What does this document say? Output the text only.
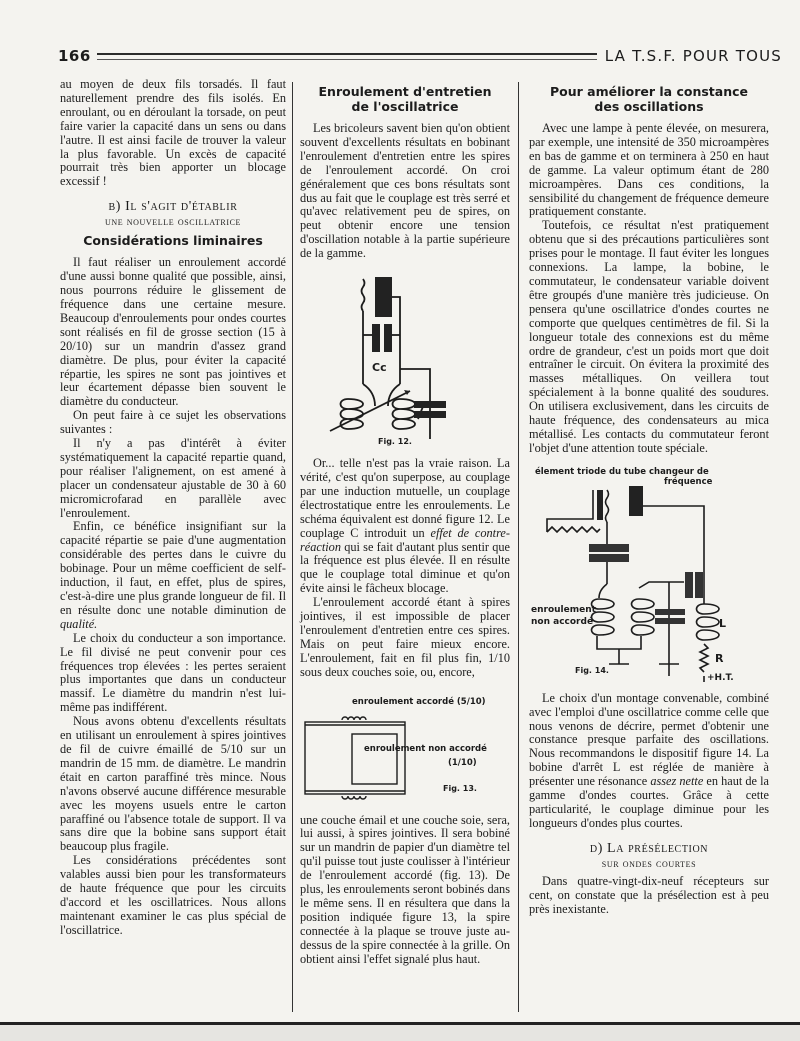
166	LA T.S.F. POUR TOUS

au moyen de deux fils torsadés. Il faut naturellement prendre des fils isolés. En enroulant, ou en déroulant la torsade, on peut faire varier la capacité dans un sens ou dans l'autre. Il est ainsi facile de trouver la valeur la plus favorable. Un excès de capacité pourrait très bien apporter un blocage excessif !

b) Il s'agit d'établir
une nouvelle oscillatrice
Considérations liminaires

Il faut réaliser un enroulement accordé d'une aussi bonne qualité que possible, ainsi, nous pourrons réduire le glissement de fréquence dans une certaine mesure. Beaucoup d'enroulements pour ondes courtes sont réalisés en fil de grosse section (15 à 20/10) sur un mandrin d'assez grand diamètre. De plus, pour éviter la capacité répartie, les spires ne sont pas jointives et leur écartement dépasse bien souvent le diamètre du conducteur.

On peut faire à ce sujet les observations suivantes :

Il n'y a pas d'intérêt à éviter systématiquement la capacité repartie quand, pour réaliser l'alignement, on est amené à placer un condensateur ajustable de 30 à 60 micromicrofarad en parallèle avec l'enroulement.

Enfin, ce bénéfice insignifiant sur la capacité répartie se paie d'une augmentation considérable des pertes dans le cuivre du bobinage. Pour un même coefficient de self-induction, il faut, en effet, plus de spires, c'est-à-dire une plus grande longueur de fil. Il en résulte donc une notable diminution de qualité.

Le choix du conducteur a son importance. Le fil divisé ne peut convenir pour ces fréquences trop élevées : les pertes seraient plus importantes que dans un conducteur massif. Le diamètre du mandrin n'est lui-même pas indifférent.

Nous avons obtenu d'excellents résultats en utilisant un enroulement à spires jointives de fil de cuivre émaillé de 5/10 sur un mandrin de 15 mm. de diamètre. Le mandrin était en carton paraffiné très mince. Nous n'avons observé aucune différence mesurable avec les moyens usuels entre le carton paraffiné ou l'absence totale de support. Il va sans dire que la bobine sans support était beaucoup plus fragile.

Les considérations précédentes sont valables aussi bien pour les transformateurs de haute fréquence que pour les circuits d'accord et les oscillatrices. Nous allons maintenant examiner le cas plus spécial de l'oscillatrice.

Enroulement d'entretien
de l'oscillatrice

Les bricoleurs savent bien qu'on obtient souvent d'excellents résultats en bobinant l'enroulement d'entretien entre les spires de l'enroulement accordé. On croi généralement que ces bons résultats sont dus au fait que le couplage est très serré et qu'avec relativement peu de spires, on peut obtenir encore une tension d'oscillation notable à la partie supérieure de la gamme.

Cc
Fig. 12.

Or... telle n'est pas la vraie raison. La vérité, c'est qu'on superpose, au couplage par une induction mutuelle, un couplage électrostatique entre les enroulements. Le schéma équivalent est donné figure 12. Le couplage C introduit un effet de contre-réaction qui se fait d'autant plus sentir que la fréquence est plus élevée. Il en résulte que le couplage total diminue et qu'on évite ainsi le fâcheux blocage.

L'enroulement accordé étant à spires jointives, il est impossible de placer l'enroulement d'entretien entre ces spires. Mais on peut faire mieux encore. L'enroulement, fait en fil plus fin, 1/10 sous deux couches soie, ou, encore,

enroulement accordé (5/10)
enroulement non accordé
(1/10)
Fig. 13.

une couche émail et une couche soie, sera, lui aussi, à spires jointives. Il sera bobiné sur un mandrin de papier d'un diamètre tel qu'il puisse tout juste coulisser à l'intérieur de l'enroulement accordé (fig. 13). De plus, les enroulements seront bobinés dans le même sens. Il en résultera que dans la position indiquée figure 13, la spire connectée à la plaque se trouve juste au-dessus de la spire connectée à la grille. On obtient ainsi l'effet signalé plus haut.

Pour améliorer la constance
des oscillations

Avec une lampe à pente élevée, on mesurera, par exemple, une intensité de 350 microampères en bas de gamme et on terminera à 250 en haut de gamme. La valeur optimum étant de 280 microampères. Dans ces conditions, la sensibilité du changement de fréquence demeure pratiquement constante.

Toutefois, ce résultat n'est pratiquement obtenu que si des précautions particulières sont prises pour le montage. Il faut éviter les longues connexions. La lampe, la bobine, le commutateur, le condensateur variable doivent être groupés d'une manière très judicieuse. On pensera qu'une oscillatrice d'ondes courtes ne comporte que quelques centimètres de fil. Si la longueur totale des connexions est du même ordre de grandeur, c'est un poids mort que doit entraîner le circuit. On évitera la proximité des masses métalliques. On veillera tout spécialement à la bonne qualité des soudures. On utilisera exclusivement, dans les circuits de haute fréquence, des condensateurs au mica métallisé. Les contacts du commutateur feront l'objet d'une attention toute spéciale.

élement triode du tube changeur de
fréquence
enroulement
non accordé	L
R
+H.T.
Fig. 14.

Le choix d'un montage convenable, combiné avec l'emploi d'une oscillatrice comme celle que nous venons de décrire, permet d'obtenir une constance presque parfaite des oscillations. Nous recommandons le dispositif figure 14. La bobine d'arrêt L est réglée de manière à présenter une résonance assez nette en haut de la gamme d'ondes courtes. Grâce à cette particularité, le couplage diminue pour les longueurs d'ondes plus courtes.

d) La présélection
sur ondes courtes

Dans quatre-vingt-dix-neuf récepteurs sur cent, on constate que la présélection est à peu près inexistante.
